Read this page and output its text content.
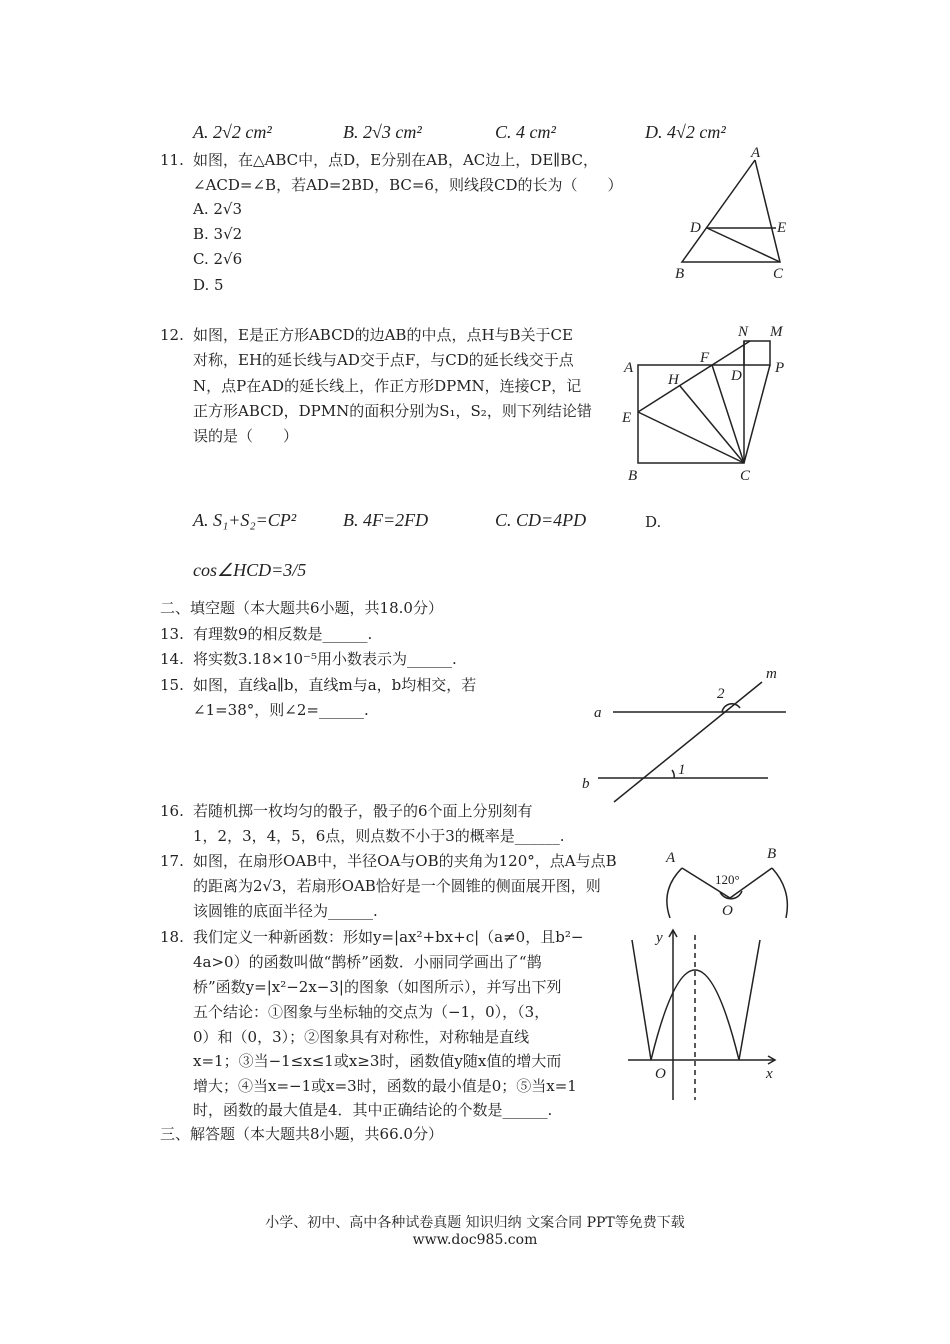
A. 2√2 cm²	B. 2√3 cm²	C. 4 cm²	D. 4√2 cm²
11. 如图，在△ABC中，点D，E分别在AB，AC边上，DE∥BC，
∠ACD=∠B，若AD=2BD，BC=6，则线段CD的长为（　　）
A. 2√3
B. 3√2
C. 2√6
D. 5
A
D	E
B	C
12. 如图，E是正方形ABCD的边AB的中点，点H与B关于CE
对称，EH的延长线与AD交于点F，与CD的延长线交于点
N，点P在AD的延长线上，作正方形DPMN，连接CP，记
正方形ABCD，DPMN的面积分别为S₁，S₂，则下列结论错
误的是（　　）
A. S₁+S₂=CP²	B. 4F=2FD	C. CD=4PD	D.
cos∠HCD=3/5
N M
F
A
H	D P
E
B	C
二、填空题（本大题共6小题，共18.0分）
13. 有理数9的相反数是______.
14. 将实数3.18×10⁻⁵用小数表示为______.
15. 如图，直线a∥b，直线m与a，b均相交，若
∠1=38°，则∠2=______.	a
b
m
1
2
16. 若随机掷一枚均匀的骰子，骰子的6个面上分别刻有
1，2，3，4，5，6点，则点数不小于3的概率是______.
17. 如图，在扇形OAB中，半径OA与OB的夹角为120°，点A与点B
的距离为2√3，若扇形OAB恰好是一个圆锥的侧面展开图，则
该圆锥的底面半径为______.
A	B
O
120°
18. 我们定义一种新函数：形如y=|ax²+bx+c|（a≠0，且b²−
4a>0）的函数叫做“鹊桥”函数．小丽同学画出了“鹊
桥”函数y=|x²−2x−3|的图象（如图所示），并写出下列
五个结论：①图象与坐标轴的交点为（−1，0），（3，
0）和（0，3）；②图象具有对称性，对称轴是直线
x=1；③当−1≤x≤1或x≥3时，函数值y随x值的增大而
增大；④当x=−1或x=3时，函数的最小值是0；⑤当x=1
时，函数的最大值是4．其中正确结论的个数是______.
y
x
O
三、解答题（本大题共8小题，共66.0分）
小学、初中、高中各种试卷真题 知识归纳 文案合同 PPT等免费下载
www.doc985.com
